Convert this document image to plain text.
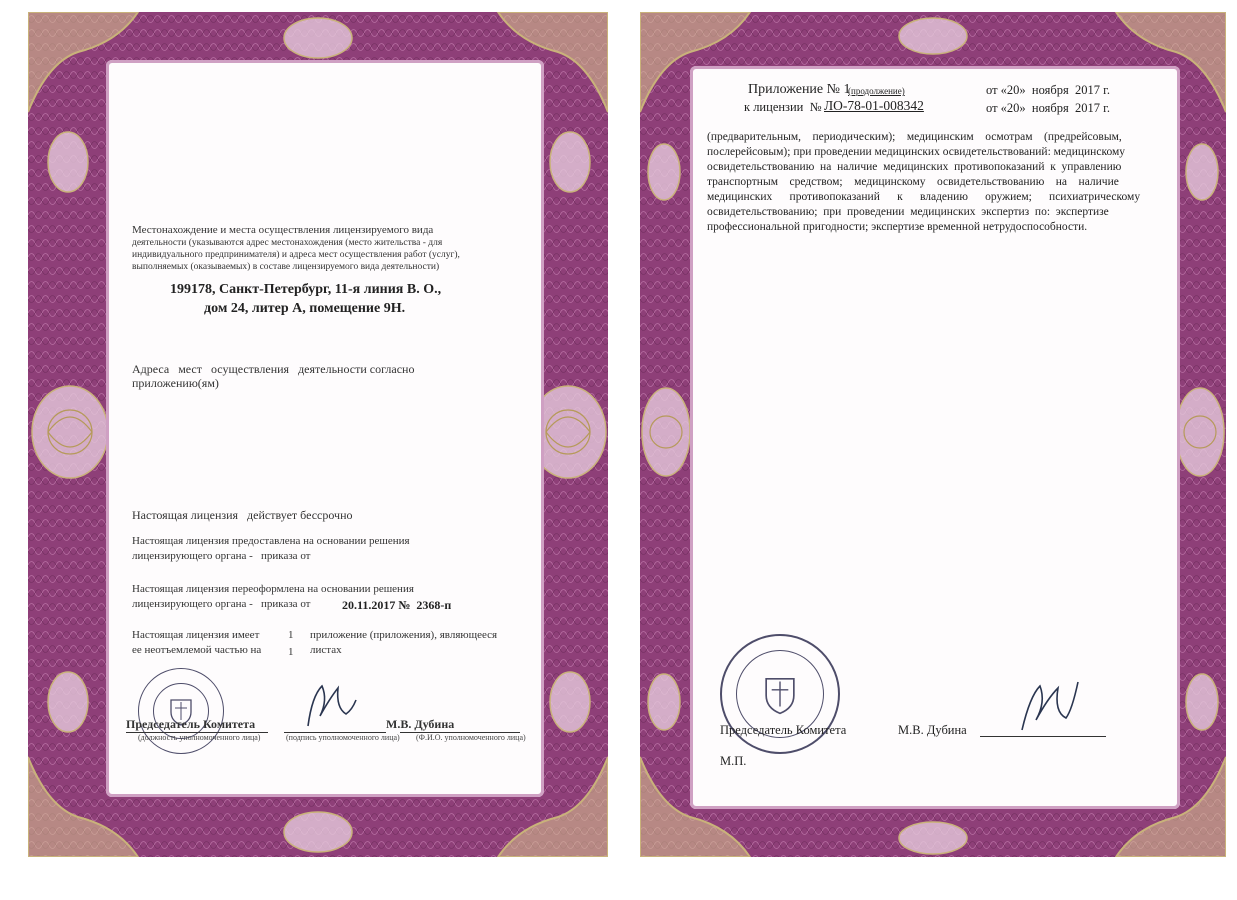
Местонахождение и места осуществления лицензируемого вида
деятельности (указываются адрес местонахождения (место жительства - для
индивидуального предпринимателя) и адреса мест осуществления работ (услуг),
выполняемых (оказываемых) в составе лицензируемого вида деятельности)
199178, Санкт-Петербург, 11-я линия В. О.,
дом 24, литер А, помещение 9Н.
Адреса   мест   осуществления   деятельности согласно
приложению(ям)
Настоящая лицензия   действует бессрочно
Настоящая лицензия предоставлена на основании решения
лицензирующего органа -   приказа от
Настоящая лицензия переоформлена на основании решения
лицензирующего органа -   приказа от	20.11.2017 №  2368-п
Настоящая лицензия имеет	1 приложение (приложения), являющееся
ее неотъемлемой частью на 1 листах
Председатель Комитета
(должность уполномоченного лица)	(подпись уполномоченного лица)
М.В. Дубина
(Ф.И.О. уполномоченного лица)
Приложение № 1
(продолжение)	от «20»  ноября  2017 г.
к лицензии  № ЛО-78-01-008342	от «20»  ноября  2017 г.
(предварительным,    периодическим);    медицинским    осмотрам    (предрейсовым,
послерейсовым); при проведении медицинских освидетельствований: медицинскому
освидетельствованию  на  наличие  медицинских  противопоказаний  к  управлению
транспортным    средством;    медицинскому    освидетельствованию    на    наличие
медицинских      противопоказаний      к      владению      оружием;      психиатрическому
освидетельствованию;  при  проведении  медицинских  экспертиз  по:  экспертизе
профессиональной пригодности; экспертизе временной нетрудоспособности.
Председатель Комитета	М.В. Дубина
М.П.
